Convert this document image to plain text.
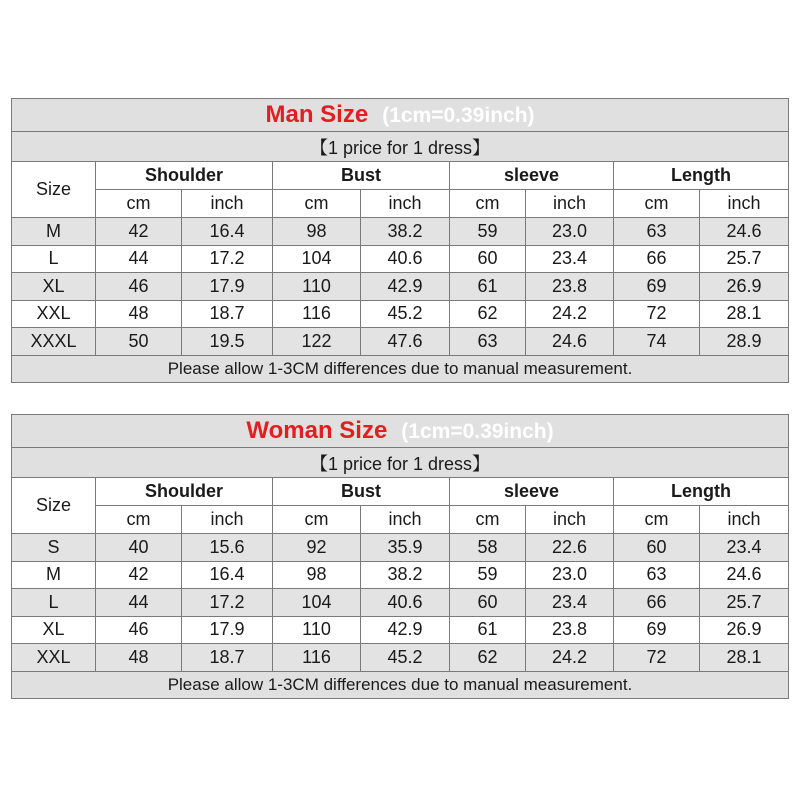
Man Size (1cm=0.39inch)								
【1 price for 1 dress】								
Size	Shoulder		Bust		sleeve		Length	
	cm	inch	cm	inch	cm	inch	cm	inch
M	42	16.4	98	38.2	59	23.0	63	24.6
L	44	17.2	104	40.6	60	23.4	66	25.7
XL	46	17.9	110	42.9	61	23.8	69	26.9
XXL	48	18.7	116	45.2	62	24.2	72	28.1
XXXL	50	19.5	122	47.6	63	24.6	74	28.9
Please allow 1-3CM differences due to manual measurement.								
Woman Size (1cm=0.39inch)								
【1 price for 1 dress】								
Size	Shoulder		Bust		sleeve		Length	
	cm	inch	cm	inch	cm	inch	cm	inch
S	40	15.6	92	35.9	58	22.6	60	23.4
M	42	16.4	98	38.2	59	23.0	63	24.6
L	44	17.2	104	40.6	60	23.4	66	25.7
XL	46	17.9	110	42.9	61	23.8	69	26.9
XXL	48	18.7	116	45.2	62	24.2	72	28.1
Please allow 1-3CM differences due to manual measurement.								
